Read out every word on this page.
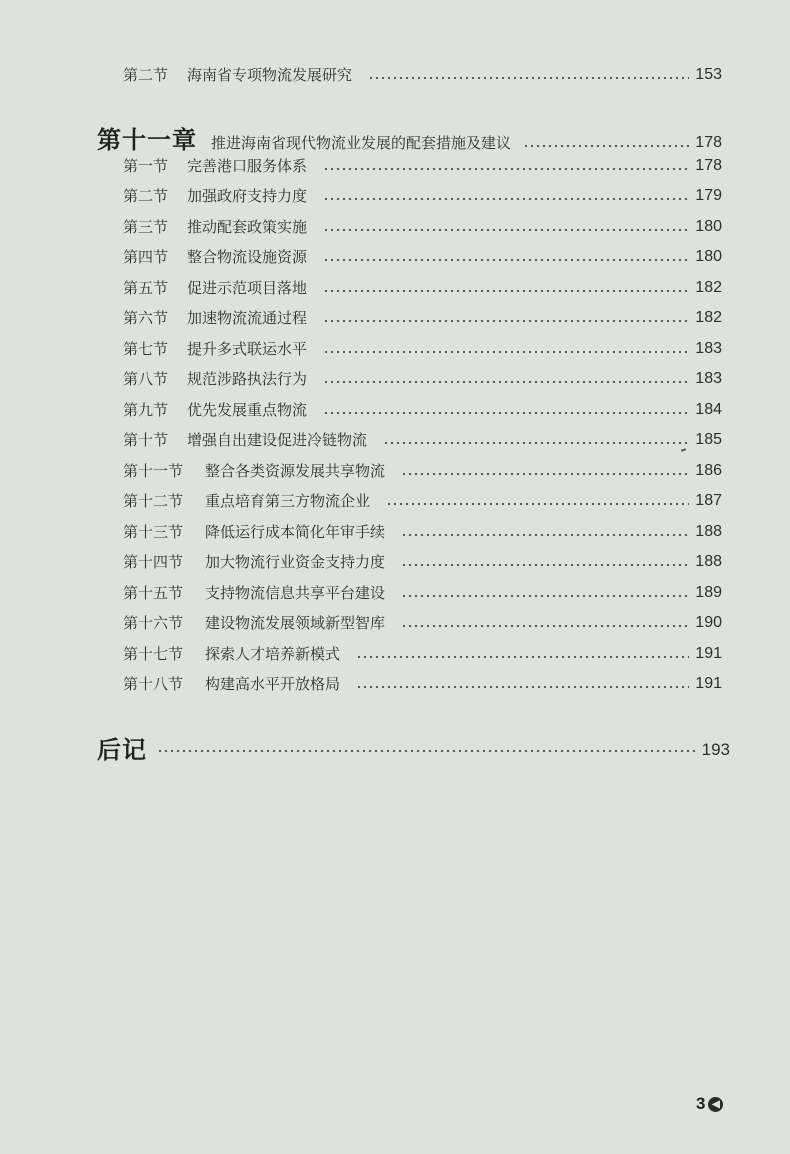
第二节	海南省专项物流发展研究	153
第十一章 推进海南省现代物流业发展的配套措施及建议	178
第一节	完善港口服务体系	178
第二节	加强政府支持力度	179
第三节	推动配套政策实施	180
第四节	整合物流设施资源	180
第五节	促进示范项目落地	182
第六节	加速物流流通过程	182
第七节	提升多式联运水平	183
第八节	规范涉路执法行为	183
第九节	优先发展重点物流	184
第十节	增强自出建设促进冷链物流	185
第十一节	整合各类资源发展共享物流	186
第十二节	重点培育第三方物流企业	187
第十三节	降低运行成本简化年审手续	188
第十四节	加大物流行业资金支持力度	188
第十五节	支持物流信息共享平台建设	189
第十六节	建设物流发展领域新型智库	190
第十七节	探索人才培养新模式	191
第十八节	构建高水平开放格局	191
后记	193
3 ◀
